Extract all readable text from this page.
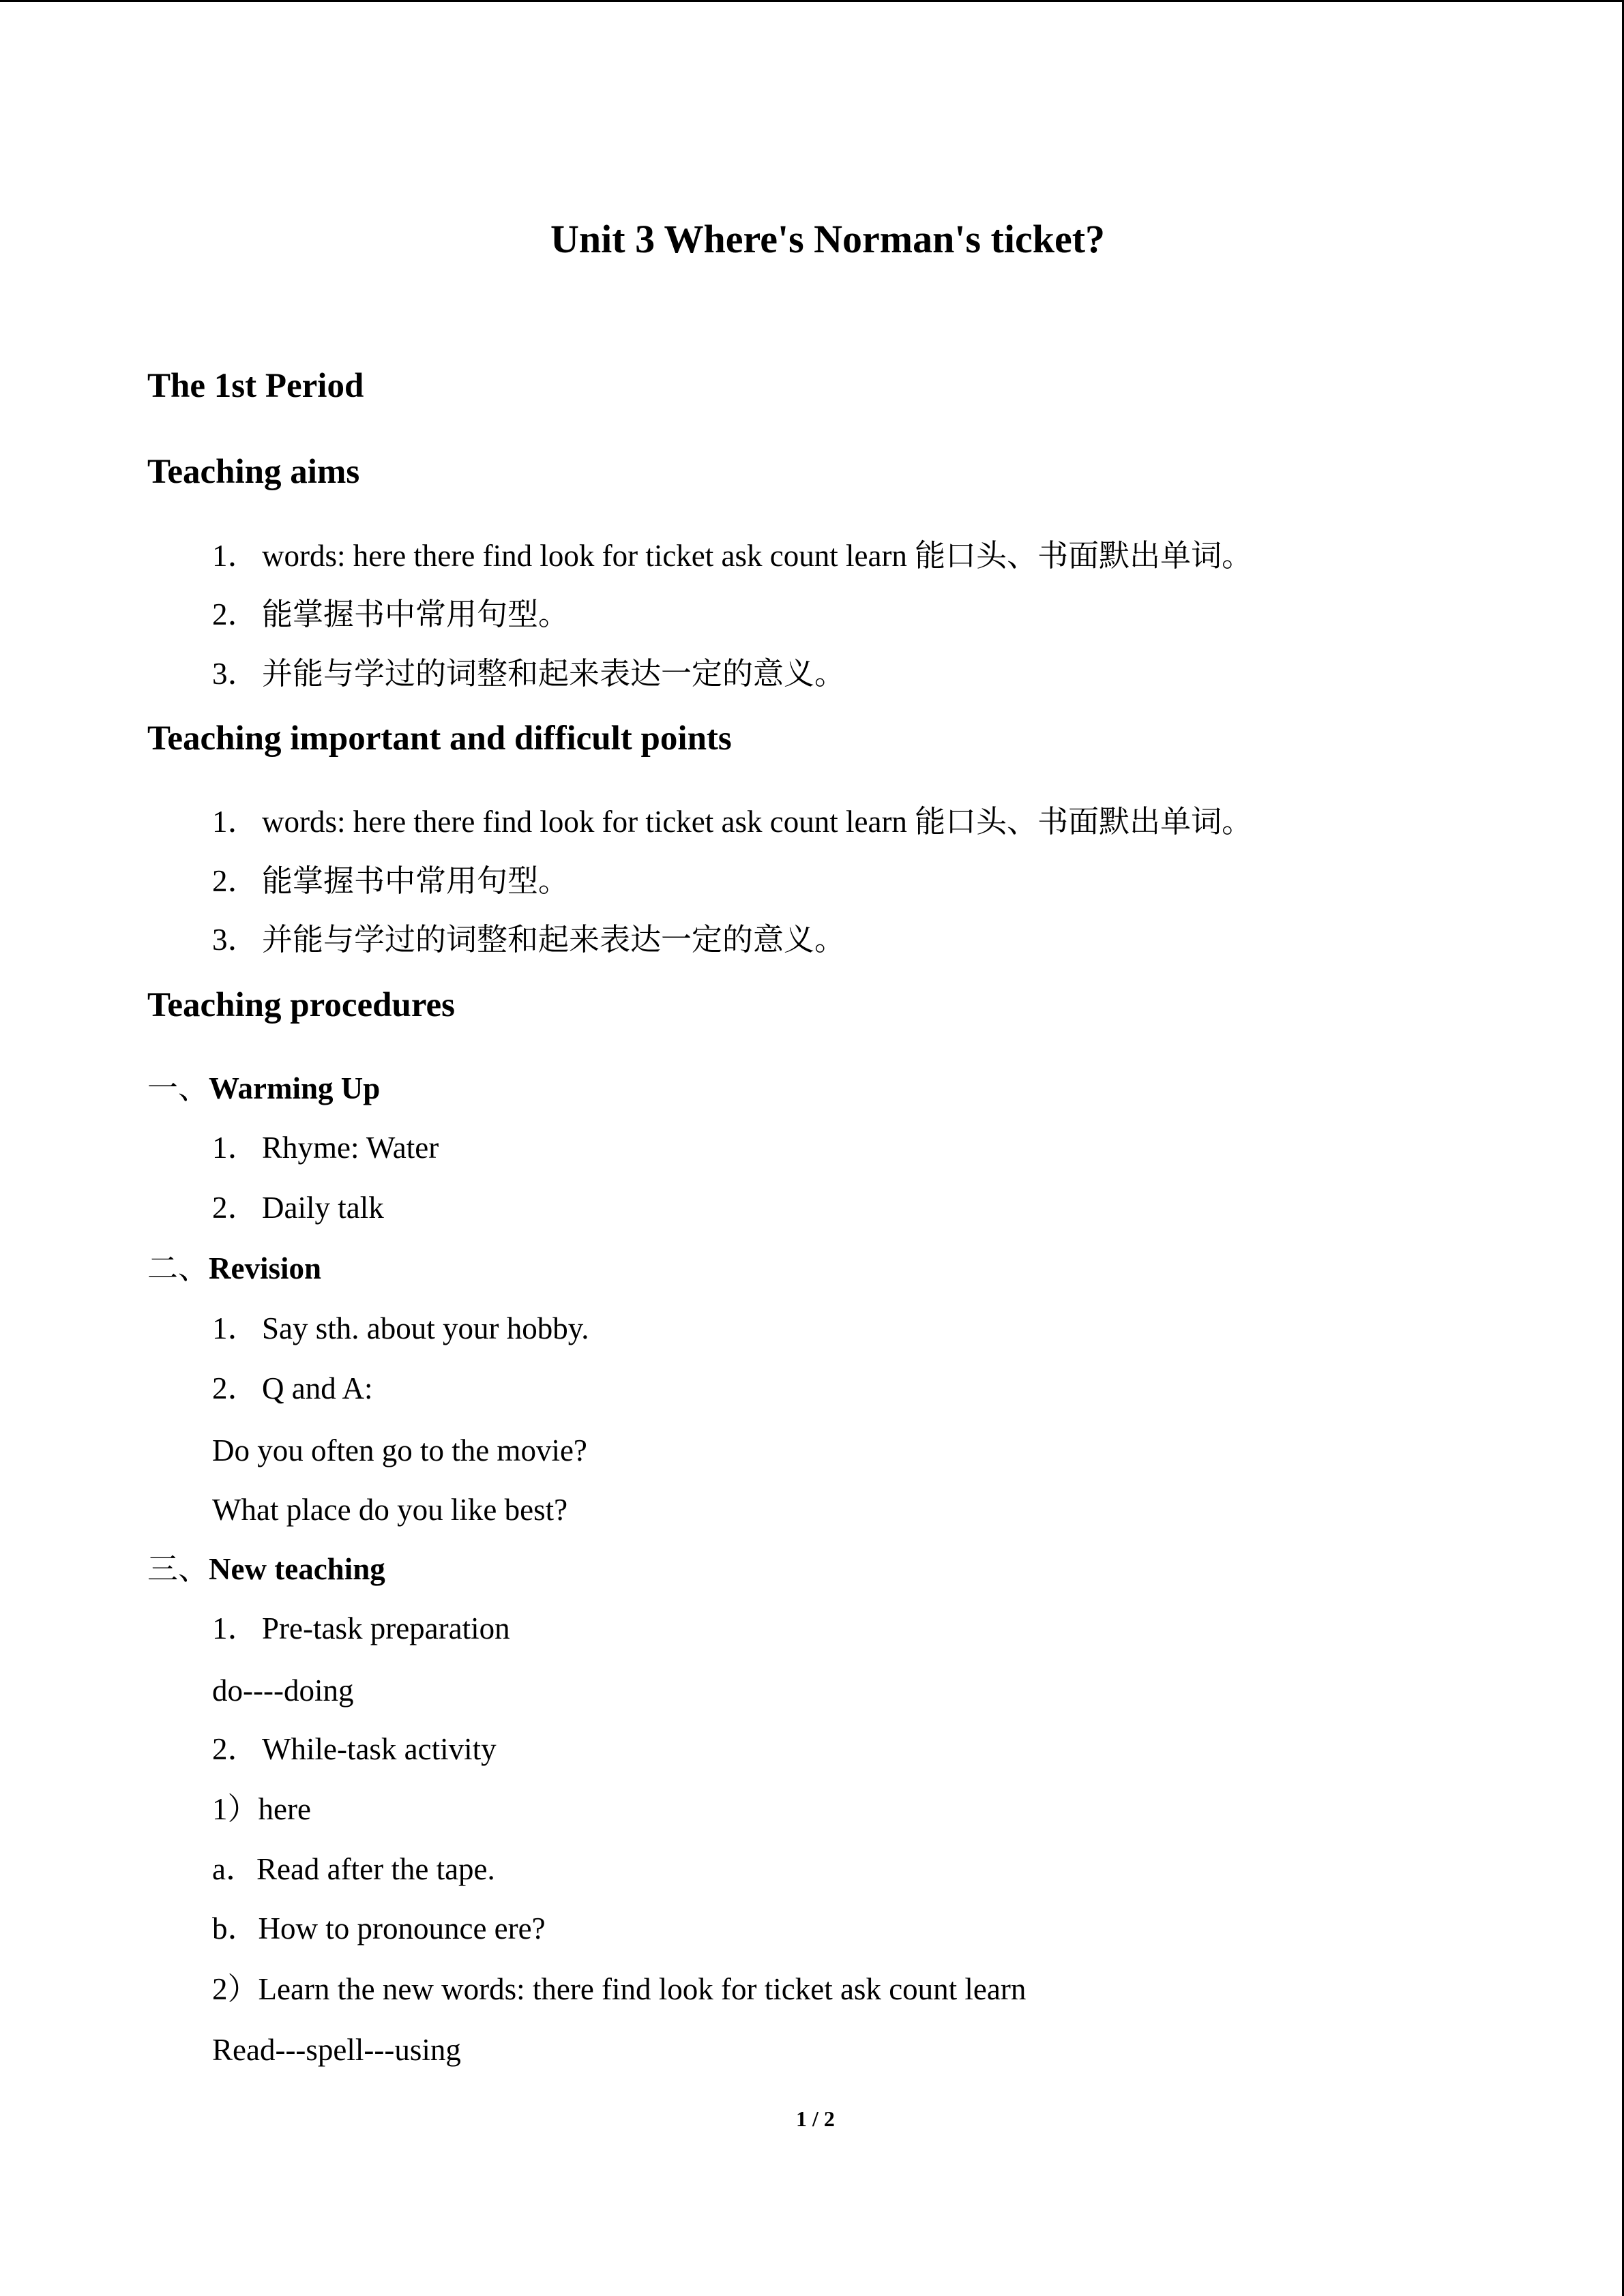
Unit 3 Where's Norman's ticket?
The 1st Period
Teaching aims
1． words: here there find look for ticket ask count learn 能口头、书面默出单词。
2． 能掌握书中常用句型。
3． 并能与学过的词整和起来表达一定的意义。
Teaching important and difficult points
1． words: here there find look for ticket ask count learn 能口头、书面默出单词。
2． 能掌握书中常用句型。
3． 并能与学过的词整和起来表达一定的意义。
Teaching procedures
一、Warming Up
1． Rhyme: Water
2． Daily talk
二、Revision
1． Say sth. about your hobby.
2． Q and A:
Do you often go to the movie?
What place do you like best?
三、New teaching
1． Pre-task preparation
do----doing
2． While-task activity
1）here
a．Read after the tape.
b．How to pronounce ere?
2）Learn the new words: there find look for ticket ask count learn
Read---spell---using
1 / 2
